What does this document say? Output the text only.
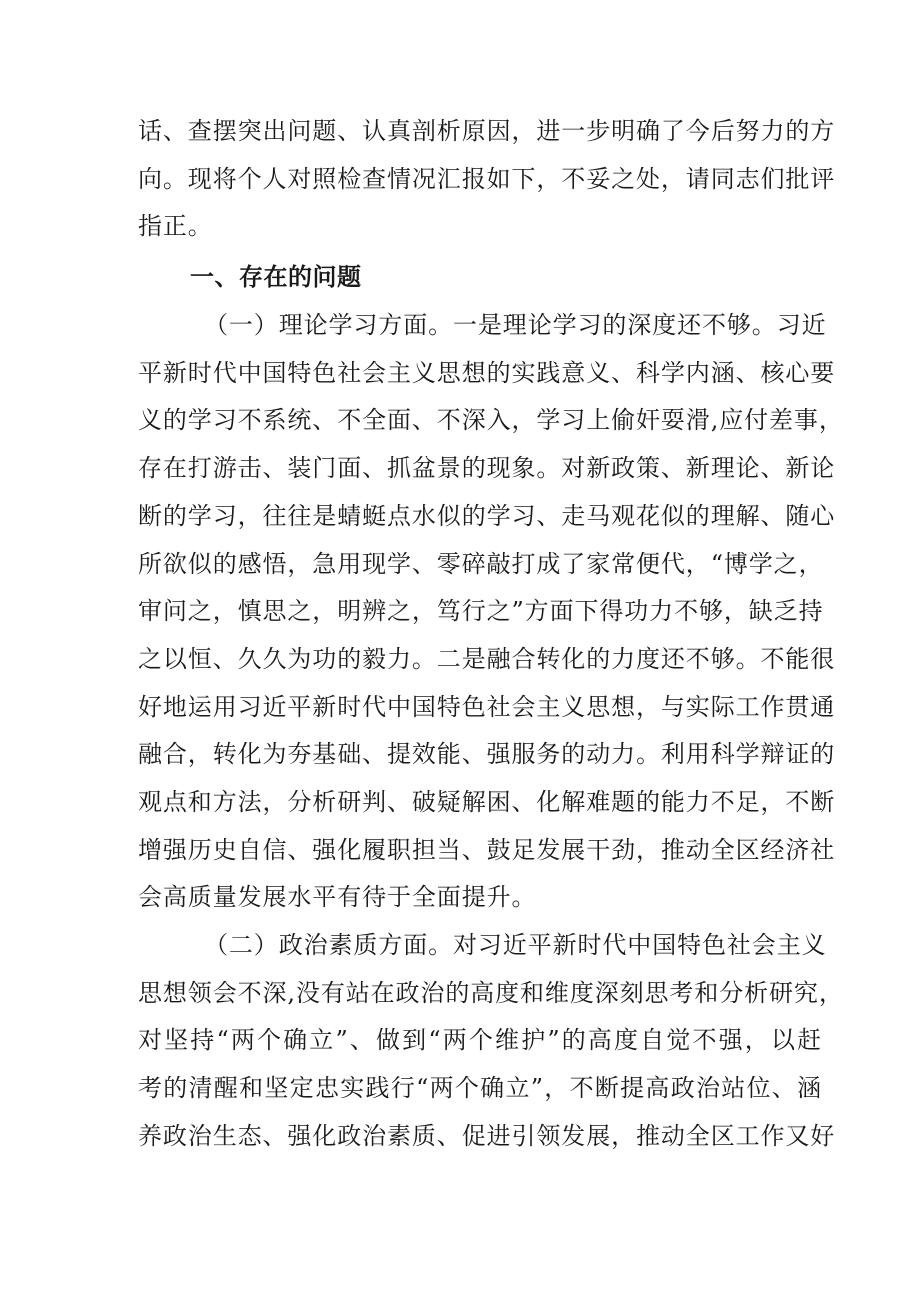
话、查摆突出问题、认真剖析原因，进一步明确了今后努力的方
向。现将个人对照检查情况汇报如下，不妥之处，请同志们批评
指正。
一、存在的问题
（一）理论学习方面。一是理论学习的深度还不够。习近
平新时代中国特色社会主义思想的实践意义、科学内涵、核心要
义的学习不系统、不全面、不深入，学习上偷奸耍滑,应付差事，
存在打游击、装门面、抓盆景的现象。对新政策、新理论、新论
断的学习，往往是蜻蜓点水似的学习、走马观花似的理解、随心
所欲似的感悟，急用现学、零碎敲打成了家常便代，“博学之，
审问之，慎思之，明辨之，笃行之”方面下得功力不够，缺乏持
之以恒、久久为功的毅力。二是融合转化的力度还不够。不能很
好地运用习近平新时代中国特色社会主义思想，与实际工作贯通
融合，转化为夯基础、提效能、强服务的动力。利用科学辩证的
观点和方法，分析研判、破疑解困、化解难题的能力不足，不断
增强历史自信、强化履职担当、鼓足发展干劲，推动全区经济社
会高质量发展水平有待于全面提升。
（二）政治素质方面。对习近平新时代中国特色社会主义
思想领会不深,没有站在政治的高度和维度深刻思考和分析研究，
对坚持“两个确立”、做到“两个维护”的高度自觉不强，以赶
考的清醒和坚定忠实践行“两个确立”，不断提高政治站位、涵
养政治生态、强化政治素质、促进引领发展，推动全区工作又好
